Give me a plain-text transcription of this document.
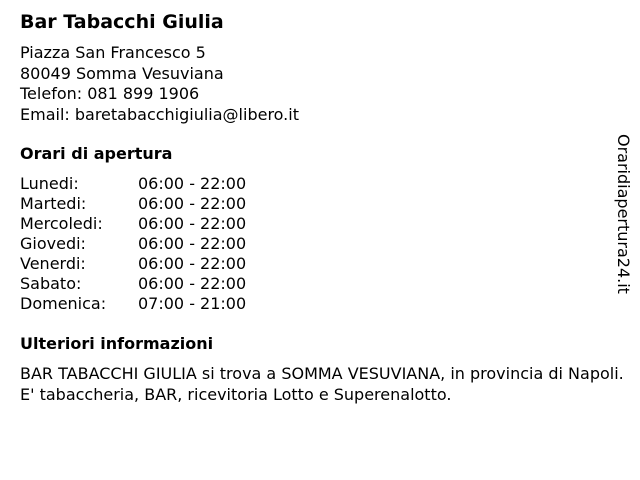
Bar Tabacchi Giulia
Piazza San Francesco 5
80049 Somma Vesuviana
Telefon: 081 899 1906
Email: baretabacchigiulia@libero.it
Orari di apertura
Lunedi:	06:00 - 22:00
Martedi:	06:00 - 22:00
Mercoledi:	06:00 - 22:00
Giovedi:	06:00 - 22:00
Venerdi:	06:00 - 22:00
Sabato:	06:00 - 22:00
Domenica:	07:00 - 21:00
Ulteriori informazioni
BAR TABACCHI GIULIA si trova a SOMMA VESUVIANA, in provincia di Napoli. E' tabaccheria, BAR, ricevitoria Lotto e Superenalotto.
Oraridiapertura24.it
